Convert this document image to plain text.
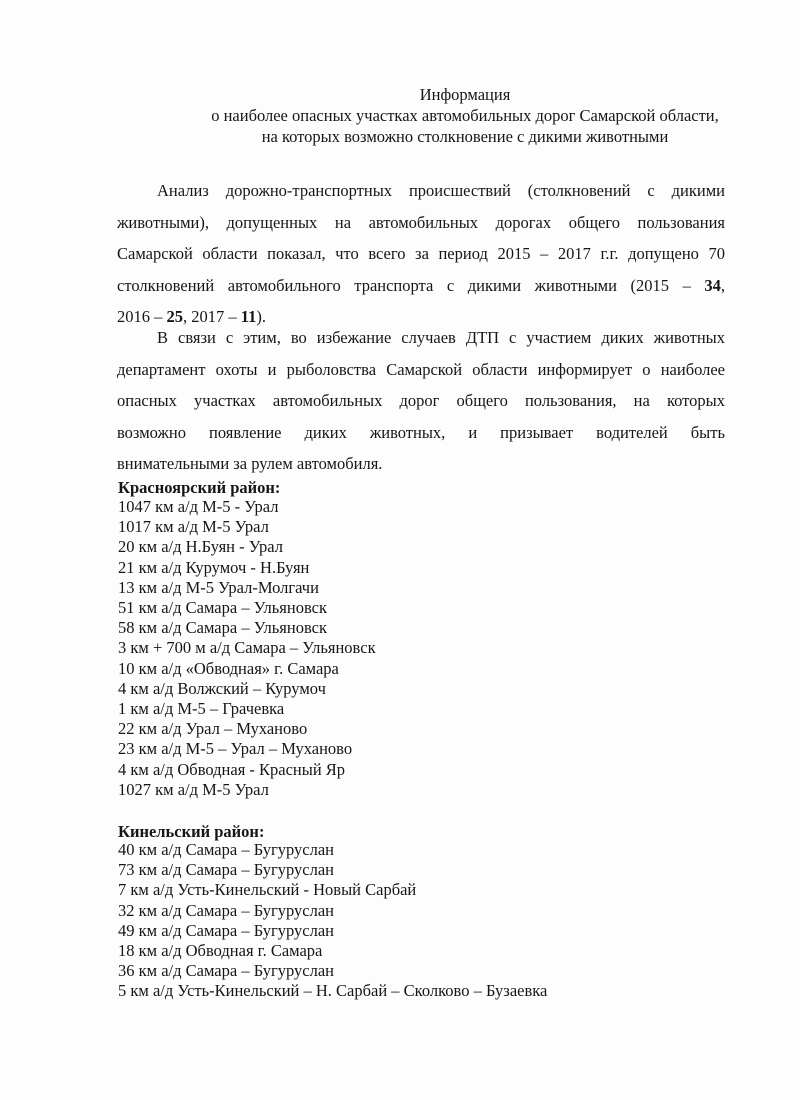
Информация
о наиболее опасных участках автомобильных дорог Самарской области,
на которых возможно столкновение с дикими животными
Анализ дорожно-транспортных происшествий (столкновений с дикими
животными), допущенных на автомобильных дорогах общего пользования
Самарской области показал, что всего за период 2015 – 2017 г.г. допущено 70
столкновений автомобильного транспорта с дикими животными (2015 – 34,
2016 – 25, 2017 – 11).
В связи с этим, во избежание случаев ДТП с участием диких животных
департамент охоты и рыболовства Самарской области информирует о наиболее
опасных участках автомобильных дорог общего пользования, на которых
возможно появление диких животных, и призывает водителей быть
внимательными за рулем автомобиля.
Красноярский район:
1047 км а/д М-5 - Урал
1017 км а/д М-5 Урал
20 км а/д Н.Буян - Урал
21 км а/д Курумоч - Н.Буян
13 км а/д М-5 Урал-Молгачи
51 км а/д Самара – Ульяновск
58 км а/д Самара – Ульяновск
3 км + 700 м а/д Самара – Ульяновск
10 км а/д «Обводная» г. Самара
4 км а/д Волжский – Курумоч
1 км а/д М-5 – Грачевка
22 км а/д Урал – Муханово
23 км а/д М-5 – Урал – Муханово
4 км а/д Обводная - Красный Яр
1027 км а/д М-5 Урал
Кинельский район:
40 км а/д Самара – Бугуруслан
73 км а/д Самара – Бугуруслан
7 км а/д Усть-Кинельский - Новый Сарбай
32 км а/д Самара – Бугуруслан
49 км а/д Самара – Бугуруслан
18 км а/д Обводная г. Самара
36 км а/д Самара – Бугуруслан
5 км а/д Усть-Кинельский – Н. Сарбай – Сколково – Бузаевка
